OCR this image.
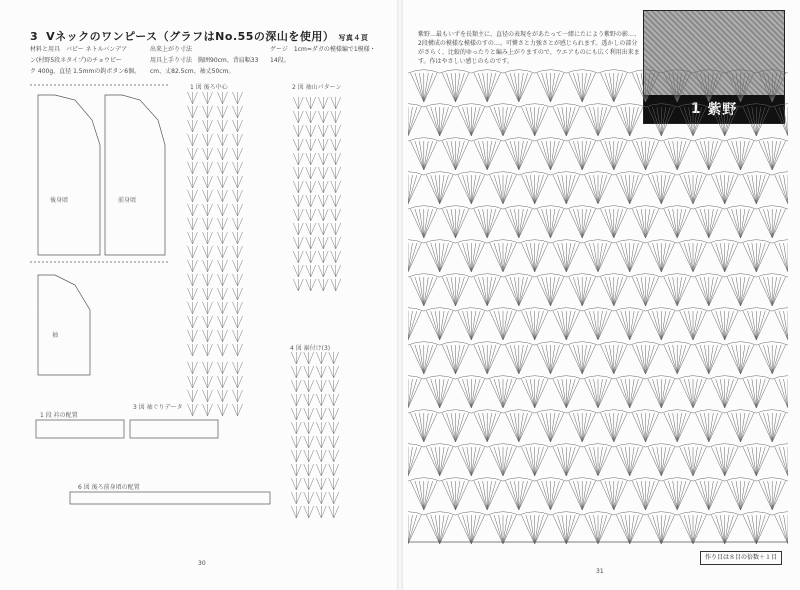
3 Vネックのワンピース（グラフはNo.55の深山を使用） 写真４頁
材料と用具　バピー ネトルバンデア
ン(村野5段ネタイプ)のチョウピー
ク 400g、直径 1.5mmの鈎ボタン6個。
出来上がり寸法
用具上手り寸法　胸囲90cm、背肩幅33
cm、丈82.5cm、袖丈50cm。
ゲージ　1cm=ダガの模様編で1模様・
14段。
後身頃	前身頃
袖
1 図 後ろ中心	2 図 袖山パターン
3 図 袖ぐりデータ
4 図 裾付け(3)
1 段 衿の配置
6 図 後ろ前身頃の配置
30
紫野…最もいずを長類主に、直径の表現をがあたって一緒にたによう紫野の影…、2段構成の模様な模様のすの…。可憐さと力強さとが感じられます。透かしの部分がさらく、比較的ゆったりと編み上がりますので、ウエアものにも広く利用出来ます。作はやさしい感じのものです。
1
紫野
作り目は８目の倍数＋１目
31
